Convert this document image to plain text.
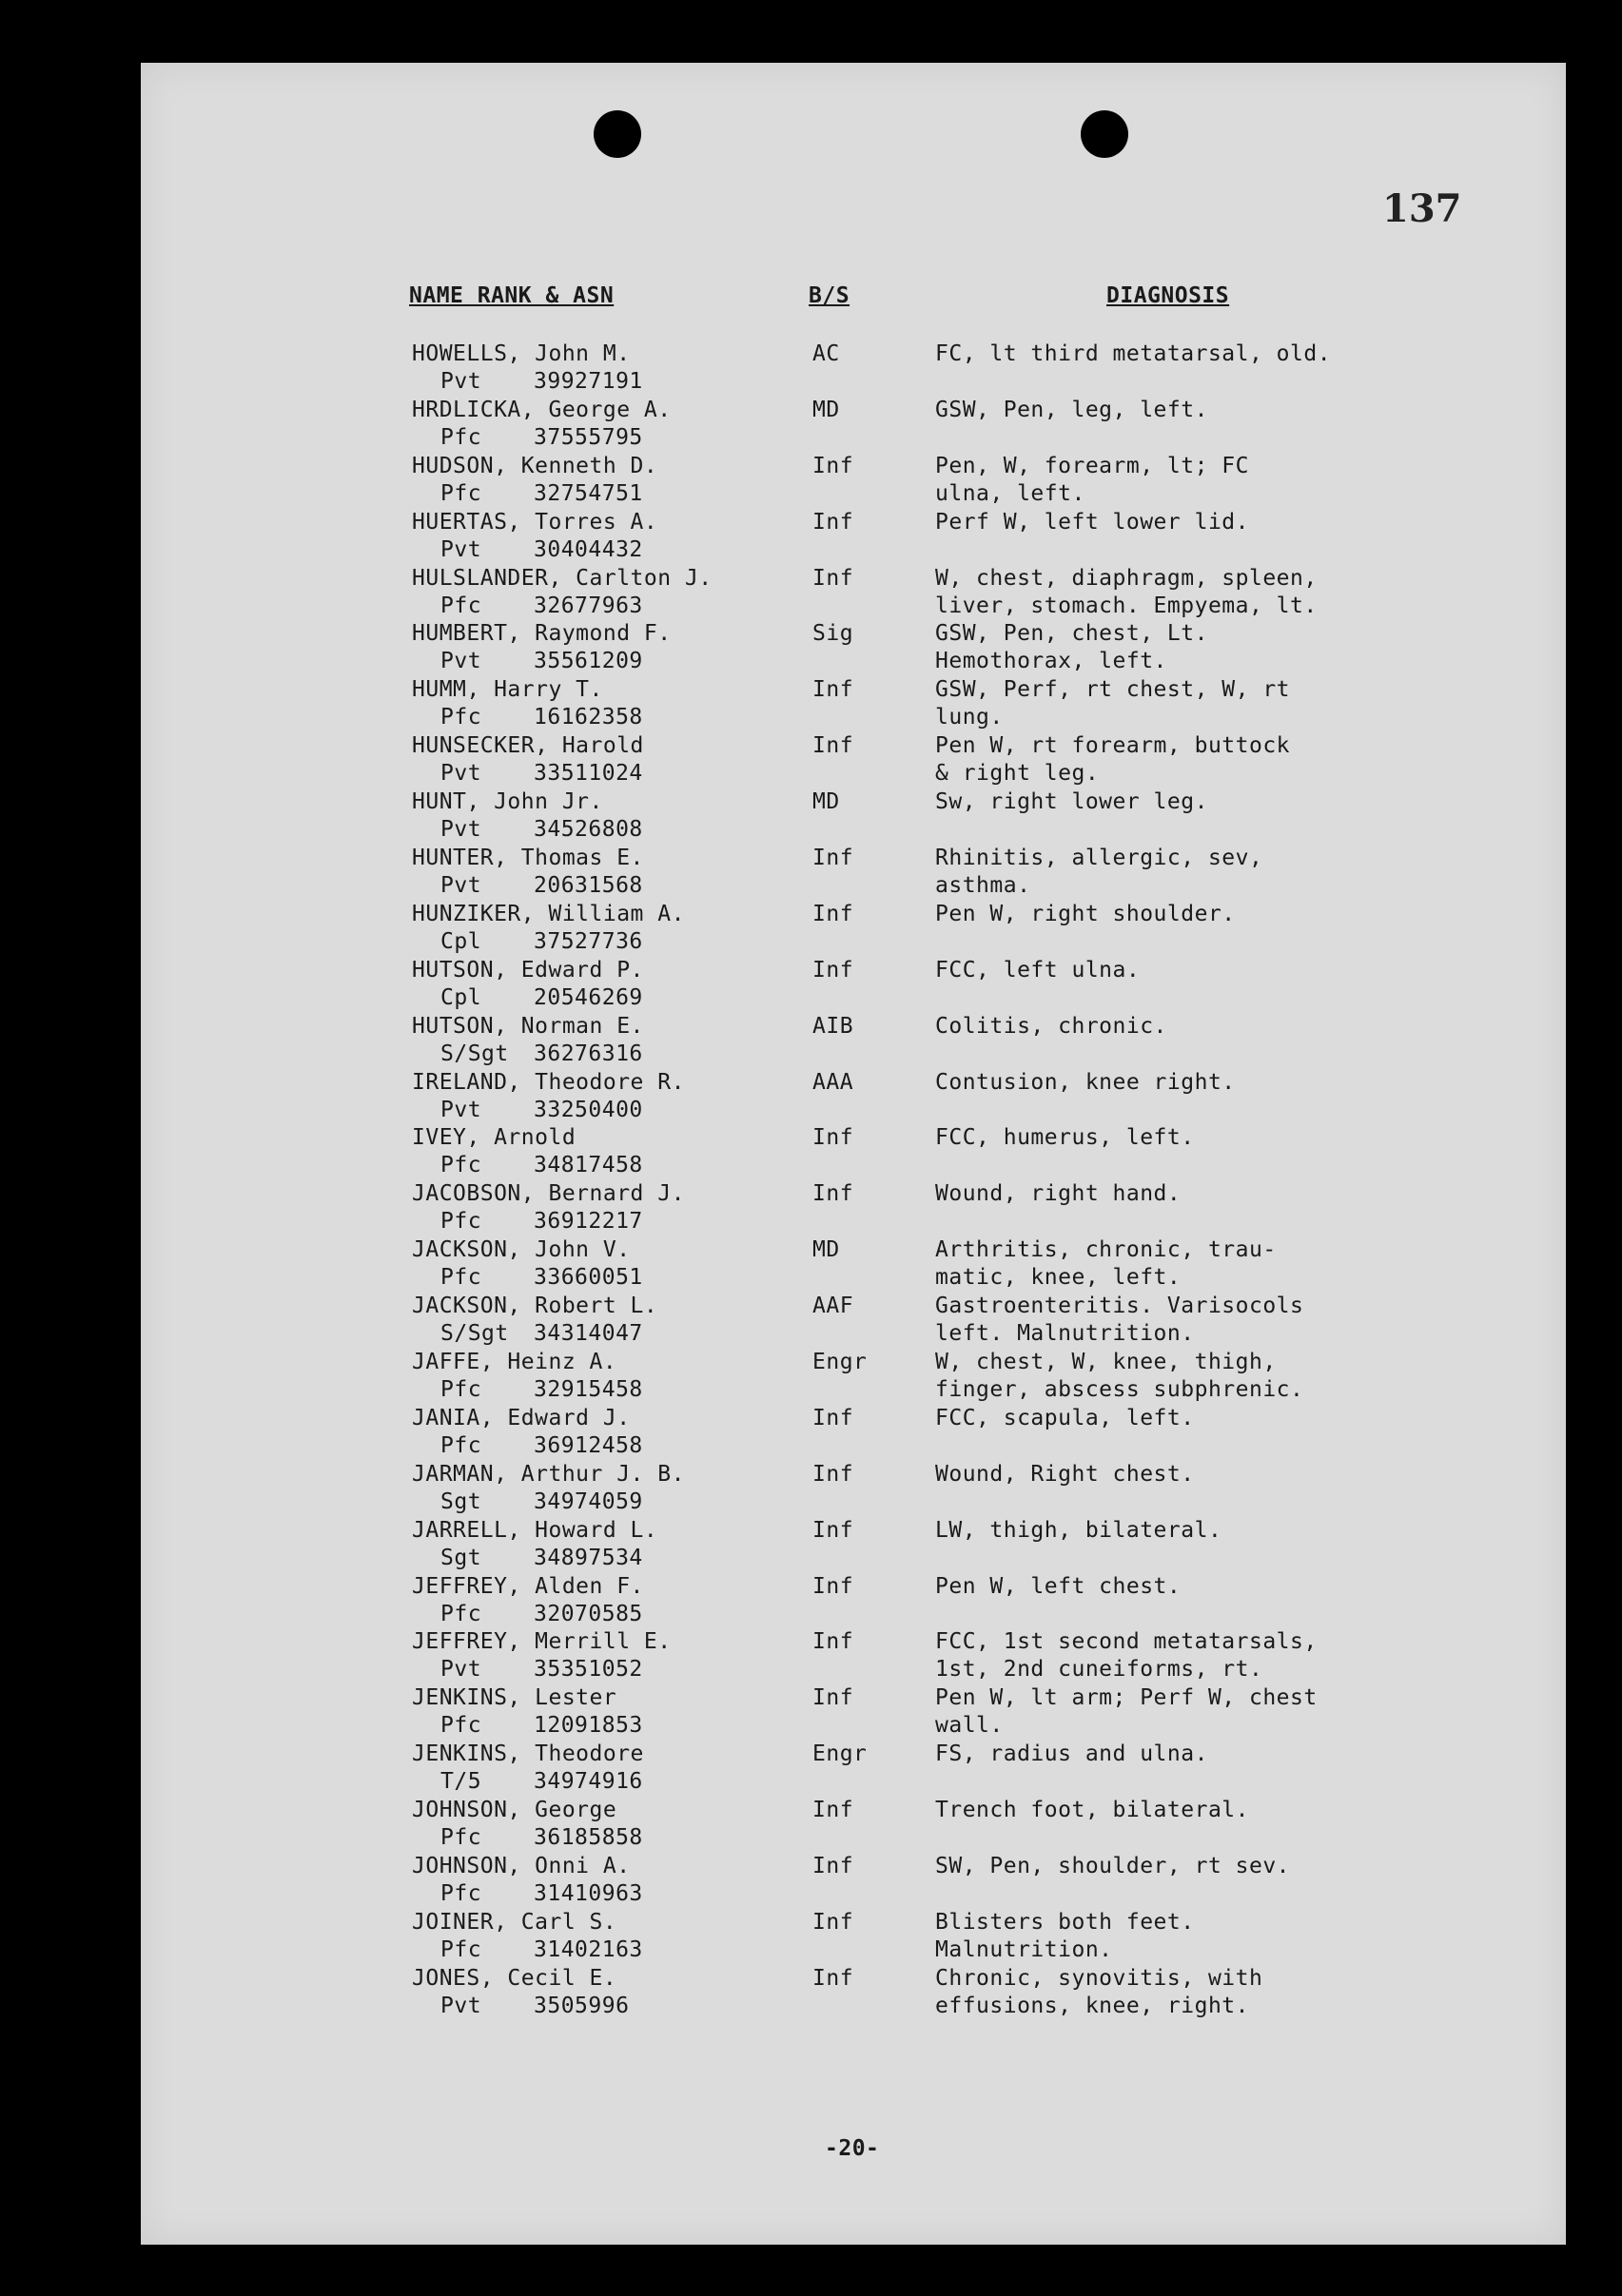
137
NAME RANK & ASN	B/S	DIAGNOSIS
HOWELLS, John M.
Pvt 39927191
AC	FC, lt third metatarsal, old.
HRDLICKA, George A.
Pfc 37555795
MD	GSW, Pen, leg, left.
HUDSON, Kenneth D.
Pfc 32754751
Inf	Pen, W, forearm, lt; FC
ulna, left.
HUERTAS, Torres A.
Pvt 30404432
Inf	Perf W, left lower lid.
HULSLANDER, Carlton J.
Pfc 32677963
Inf	W, chest, diaphragm, spleen,
liver, stomach. Empyema, lt.
HUMBERT, Raymond F.
Pvt 35561209
Sig	GSW, Pen, chest, Lt.
Hemothorax, left.
HUMM, Harry T.
Pfc 16162358
Inf	GSW, Perf, rt chest, W, rt
lung.
HUNSECKER, Harold
Pvt 33511024
Inf	Pen W, rt forearm, buttock
& right leg.
HUNT, John Jr.
Pvt 34526808
MD	Sw, right lower leg.
HUNTER, Thomas E.
Pvt 20631568
Inf	Rhinitis, allergic, sev,
asthma.
HUNZIKER, William A.
Cpl 37527736
Inf	Pen W, right shoulder.
HUTSON, Edward P.
Cpl 20546269
Inf	FCC, left ulna.
HUTSON, Norman E.
S/Sgt 36276316
AIB	Colitis, chronic.
IRELAND, Theodore R.
Pvt 33250400
AAA	Contusion, knee right.
IVEY, Arnold
Pfc 34817458
Inf	FCC, humerus, left.
JACOBSON, Bernard J.
Pfc 36912217
Inf	Wound, right hand.
JACKSON, John V.
Pfc 33660051
MD	Arthritis, chronic, trau-
matic, knee, left.
JACKSON, Robert L.
S/Sgt 34314047
AAF	Gastroenteritis. Varisocols
left. Malnutrition.
JAFFE, Heinz A.
Pfc 32915458
Engr	W, chest, W, knee, thigh,
finger, abscess subphrenic.
JANIA, Edward J.
Pfc 36912458
Inf	FCC, scapula, left.
JARMAN, Arthur J. B.
Sgt 34974059
Inf	Wound, Right chest.
JARRELL, Howard L.
Sgt 34897534
Inf	LW, thigh, bilateral.
JEFFREY, Alden F.
Pfc 32070585
Inf	Pen W, left chest.
JEFFREY, Merrill E.
Pvt 35351052
Inf	FCC, 1st second metatarsals,
1st, 2nd cuneiforms, rt.
JENKINS, Lester
Pfc 12091853
Inf	Pen W, lt arm; Perf W, chest
wall.
JENKINS, Theodore
T/5 34974916
Engr	FS, radius and ulna.
JOHNSON, George
Pfc 36185858
Inf	Trench foot, bilateral.
JOHNSON, Onni A.
Pfc 31410963
Inf	SW, Pen, shoulder, rt sev.
JOINER, Carl S.
Pfc 31402163
Inf	Blisters both feet.
Malnutrition.
JONES, Cecil E.
Pvt 3505996
Inf	Chronic, synovitis, with
effusions, knee, right.
-20-
